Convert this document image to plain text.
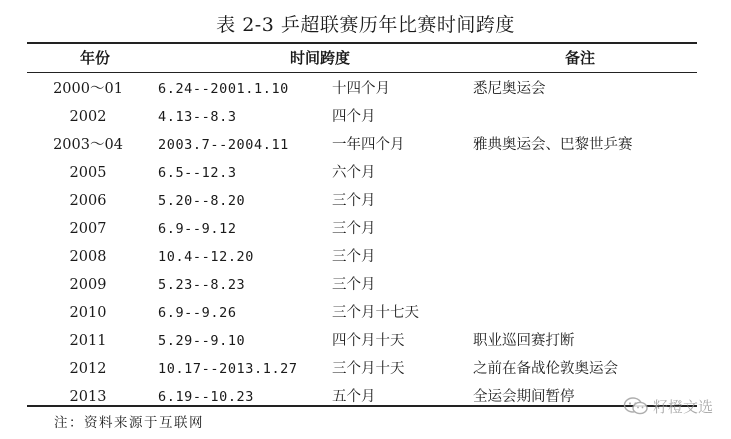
表 2-3 乒超联赛历年比赛时间跨度
年份	时间跨度	备注
2000～01	6.24--2001.1.10	十四个月	悉尼奥运会
2002	4.13--8.3	四个月
2003～04	2003.7--2004.11	一年四个月	雅典奥运会、巴黎世乒赛
2005	6.5--12.3	六个月
2006	5.20--8.20	三个月
2007	6.9--9.12	三个月
2008	10.4--12.20	三个月
2009	5.23--8.23	三个月
2010	6.9--9.26	三个月十七天
2011	5.29--9.10	四个月十天	职业巡回赛打断
2012	10.17--2013.1.27 三个月十天	之前在备战伦敦奥运会
2013	6.19--10.23	五个月	全运会期间暂停
注：资料来源于互联网
籽橙文选
